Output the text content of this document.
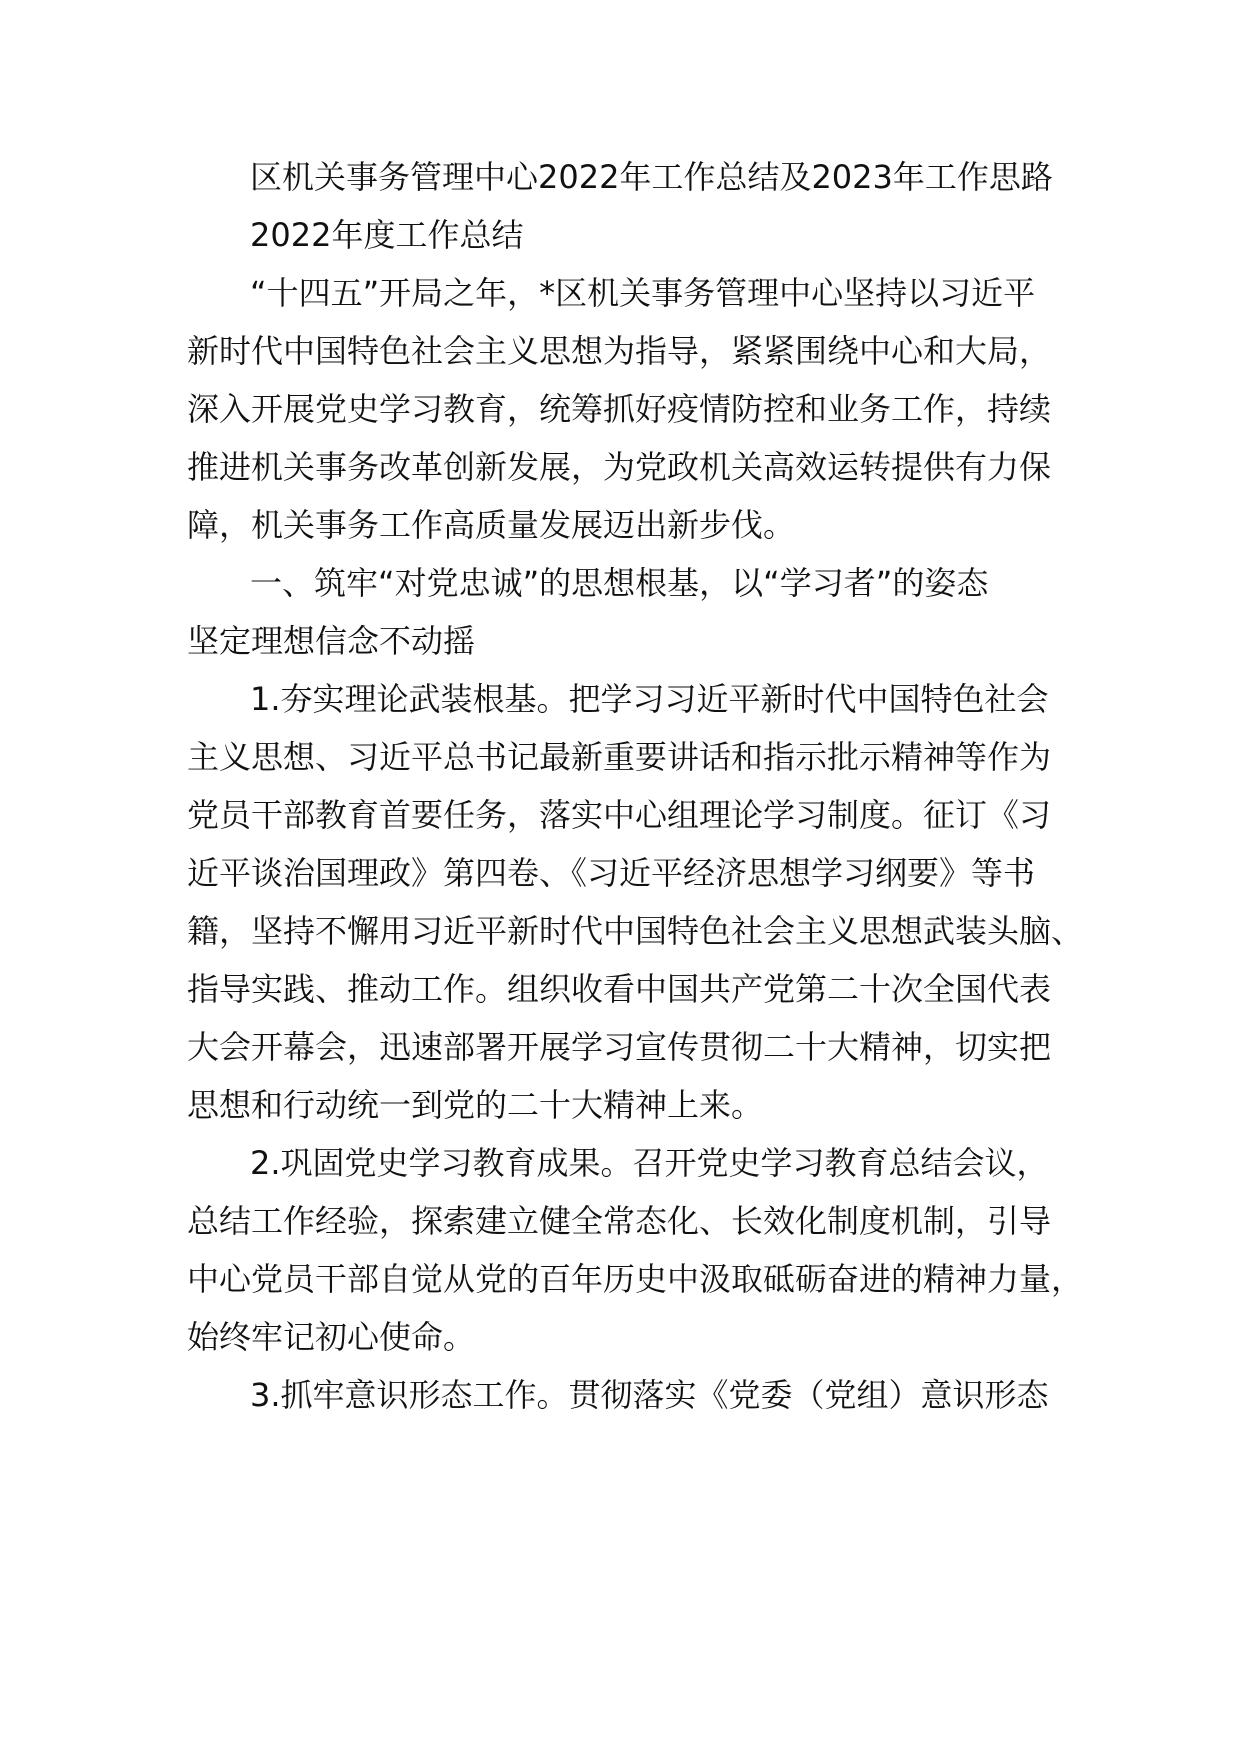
区机关事务管理中心2022年工作总结及2023年工作思路
2022年度工作总结
“十四五”开局之年，*区机关事务管理中心坚持以习近平
新时代中国特色社会主义思想为指导，紧紧围绕中心和大局，
深入开展党史学习教育，统筹抓好疫情防控和业务工作，持续
推进机关事务改革创新发展，为党政机关高效运转提供有力保
障，机关事务工作高质量发展迈出新步伐。
一、筑牢“对党忠诚”的思想根基，以“学习者”的姿态
坚定理想信念不动摇
1.夯实理论武装根基。把学习习近平新时代中国特色社会
主义思想、习近平总书记最新重要讲话和指示批示精神等作为
党员干部教育首要任务，落实中心组理论学习制度。征订《习
近平谈治国理政》第四卷、《习近平经济思想学习纲要》等书
籍，坚持不懈用习近平新时代中国特色社会主义思想武装头脑、
指导实践、推动工作。组织收看中国共产党第二十次全国代表
大会开幕会，迅速部署开展学习宣传贯彻二十大精神，切实把
思想和行动统一到党的二十大精神上来。
2.巩固党史学习教育成果。召开党史学习教育总结会议，
总结工作经验，探索建立健全常态化、长效化制度机制，引导
中心党员干部自觉从党的百年历史中汲取砥砺奋进的精神力量，
始终牢记初心使命。
3.抓牢意识形态工作。贯彻落实《党委（党组）意识形态
